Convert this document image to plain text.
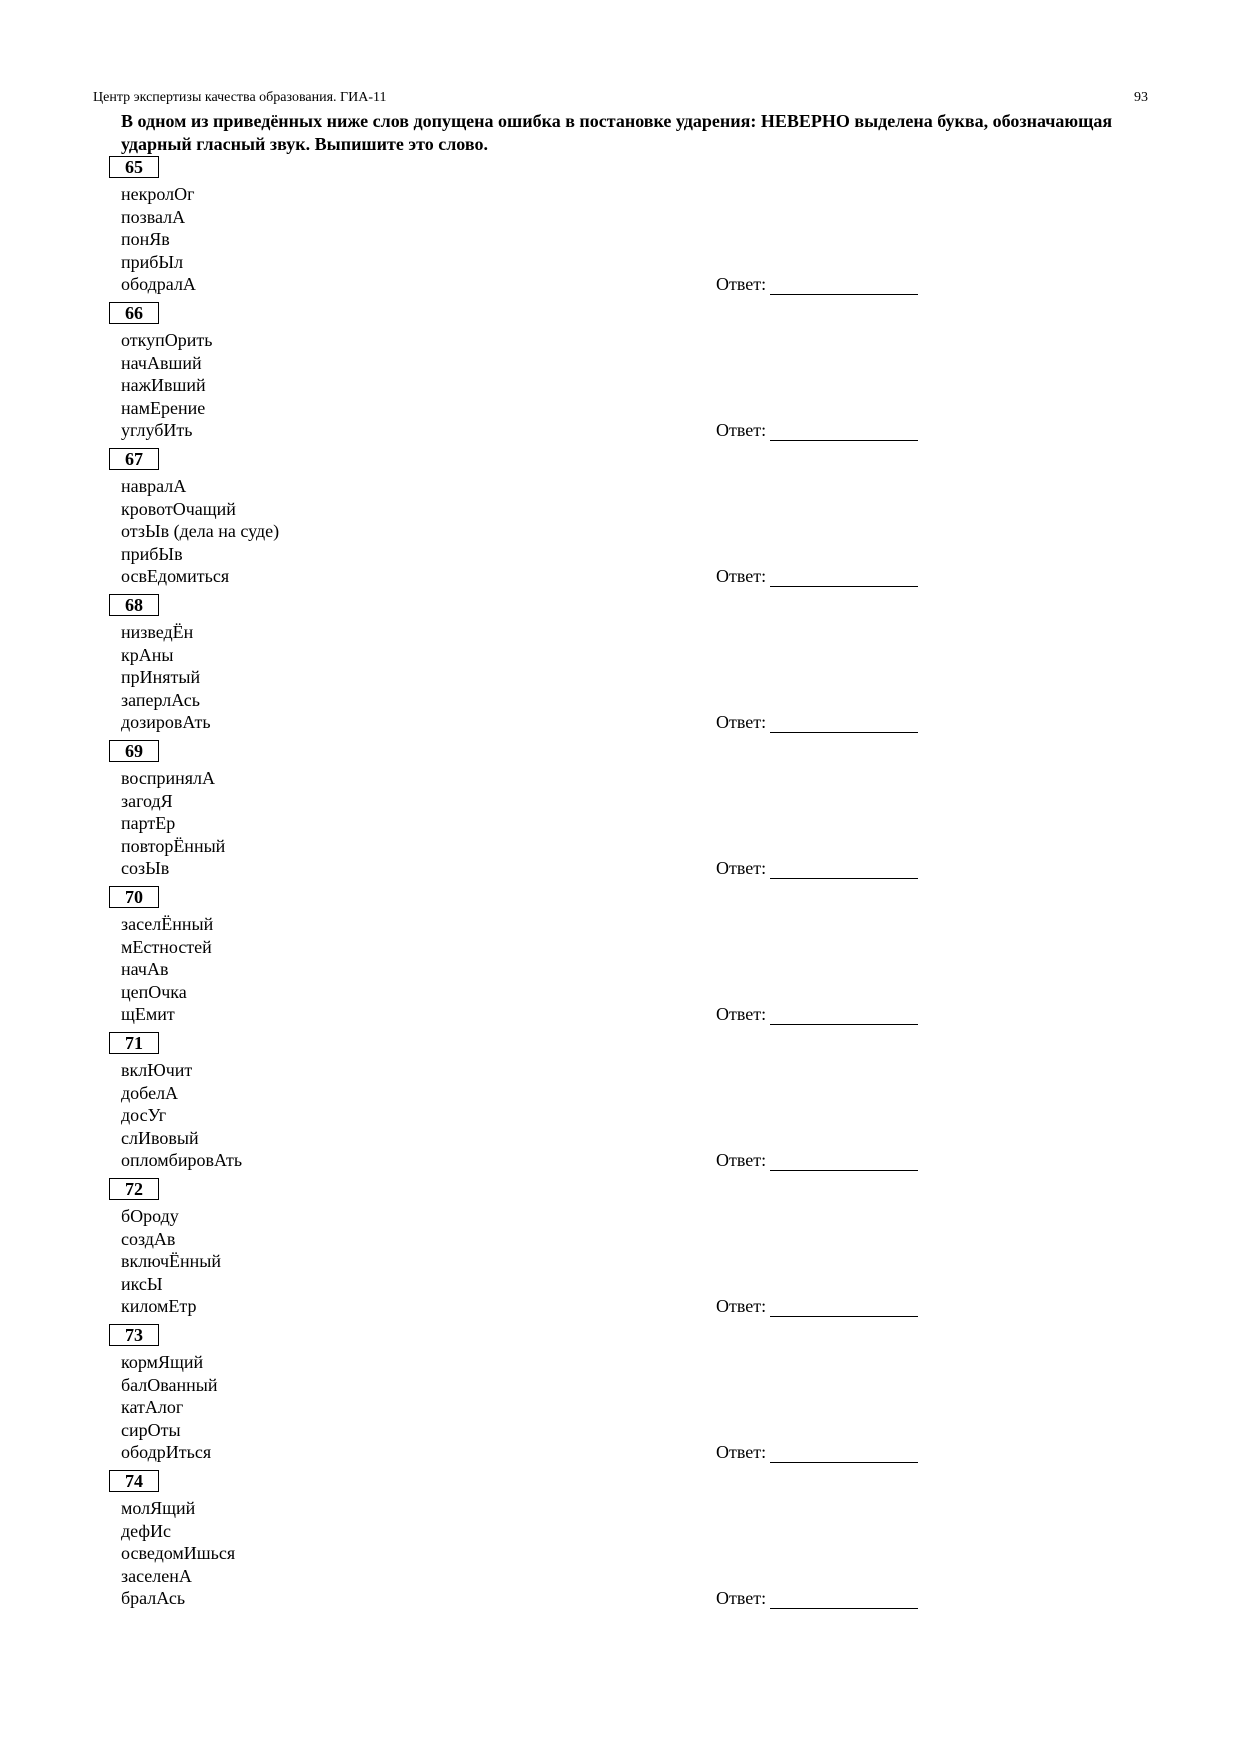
Центр экспертизы качества образования. ГИА-11	93
В одном из приведённых ниже слов допущена ошибка в постановке ударения: НЕВЕРНО выделена буква, обозначающая ударный гласный звук. Выпишите это слово.
65
некролОг
позвалА
понЯв
прибЫл
ободралА	Ответ:
66
откупОрить
начАвший
нажИвший
намЕрение
углубИть	Ответ:
67
навралА
кровотОчащий
отзЫв (дела на суде)
прибЫв
освЕдомиться	Ответ:
68
низведЁн
крАны
прИнятый
заперлАсь
дозировАть	Ответ:
69
воспринялА
загодЯ
партЕр
повторЁнный
созЫв	Ответ:
70
заселЁнный
мЕстностей
начАв
цепОчка
щЕмит	Ответ:
71
вклЮчит
добелА
досУг
слИвовый
опломбировАть	Ответ:
72
бОроду
создАв
включЁнный
иксЫ
киломЕтр	Ответ:
73
кормЯщий
балОванный
катАлог
сирОты
ободрИться	Ответ:
74
молЯщий
дефИс
осведомИшься
заселенА
бралАсь	Ответ:
